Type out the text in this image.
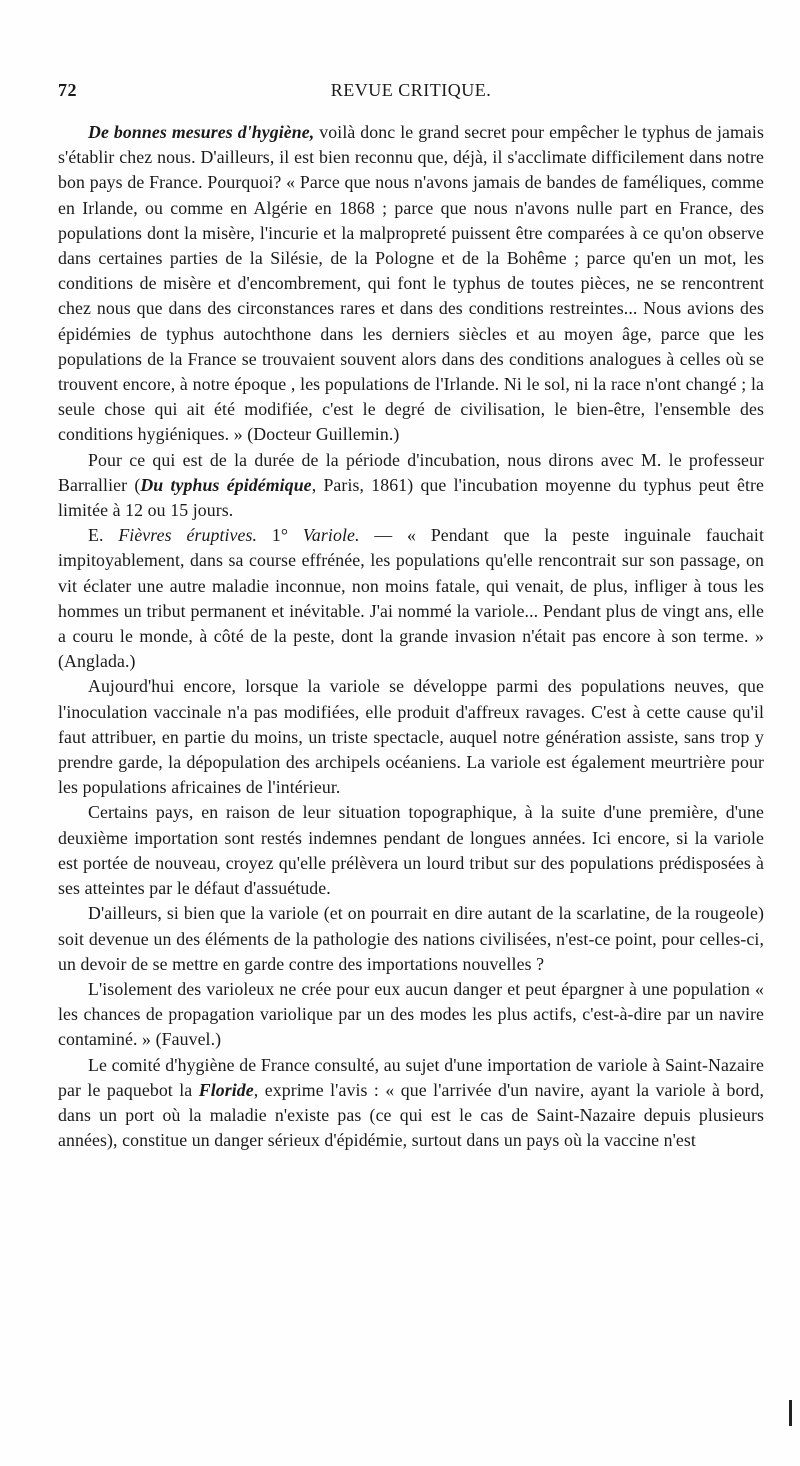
72	REVUE CRITIQUE.

De bonnes mesures d'hygiène, voilà donc le grand secret pour empêcher le typhus de jamais s'établir chez nous. D'ailleurs, il est bien reconnu que, déjà, il s'acclimate difficilement dans notre bon pays de France. Pourquoi? « Parce que nous n'avons jamais de bandes de faméliques, comme en Irlande, ou comme en Algérie en 1868 ; parce que nous n'avons nulle part en France, des populations dont la misère, l'incurie et la malpropreté puissent être comparées à ce qu'on observe dans certaines parties de la Silésie, de la Pologne et de la Bohême ; parce qu'en un mot, les conditions de misère et d'encombrement, qui font le typhus de toutes pièces, ne se rencontrent chez nous que dans des circonstances rares et dans des conditions restreintes... Nous avions des épidémies de typhus autochthone dans les derniers siècles et au moyen âge, parce que les populations de la France se trouvaient souvent alors dans des conditions analogues à celles où se trouvent encore, à notre époque , les populations de l'Irlande. Ni le sol, ni la race n'ont changé ; la seule chose qui ait été modifiée, c'est le degré de civilisation, le bien-être, l'ensemble des conditions hygiéniques. » (Docteur Guillemin.)

Pour ce qui est de la durée de la période d'incubation, nous dirons avec M. le professeur Barrallier (Du typhus épidémique, Paris, 1861) que l'incubation moyenne du typhus peut être limitée à 12 ou 15 jours.

E. Fièvres éruptives. 1° Variole. — « Pendant que la peste inguinale fauchait impitoyablement, dans sa course effrénée, les populations qu'elle rencontrait sur son passage, on vit éclater une autre maladie inconnue, non moins fatale, qui venait, de plus, infliger à tous les hommes un tribut permanent et inévitable. J'ai nommé la variole... Pendant plus de vingt ans, elle a couru le monde, à côté de la peste, dont la grande invasion n'était pas encore à son terme. » (Anglada.)

Aujourd'hui encore, lorsque la variole se développe parmi des populations neuves, que l'inoculation vaccinale n'a pas modifiées, elle produit d'affreux ravages. C'est à cette cause qu'il faut attribuer, en partie du moins, un triste spectacle, auquel notre génération assiste, sans trop y prendre garde, la dépopulation des archipels océaniens. La variole est également meurtrière pour les populations africaines de l'intérieur.

Certains pays, en raison de leur situation topographique, à la suite d'une première, d'une deuxième importation sont restés indemnes pendant de longues années. Ici encore, si la variole est portée de nouveau, croyez qu'elle prélèvera un lourd tribut sur des populations prédisposées à ses atteintes par le défaut d'assuétude.

D'ailleurs, si bien que la variole (et on pourrait en dire autant de la scarlatine, de la rougeole) soit devenue un des éléments de la pathologie des nations civilisées, n'est-ce point, pour celles-ci, un devoir de se mettre en garde contre des importations nouvelles ?

L'isolement des varioleux ne crée pour eux aucun danger et peut épargner à une population « les chances de propagation variolique par un des modes les plus actifs, c'est-à-dire par un navire contaminé. » (Fauvel.)

Le comité d'hygiène de France consulté, au sujet d'une importation de variole à Saint-Nazaire par le paquebot la Floride, exprime l'avis : « que l'arrivée d'un navire, ayant la variole à bord, dans un port où la maladie n'existe pas (ce qui est le cas de Saint-Nazaire depuis plusieurs années), constitue un danger sérieux d'épidémie, surtout dans un pays où la vaccine n'est
